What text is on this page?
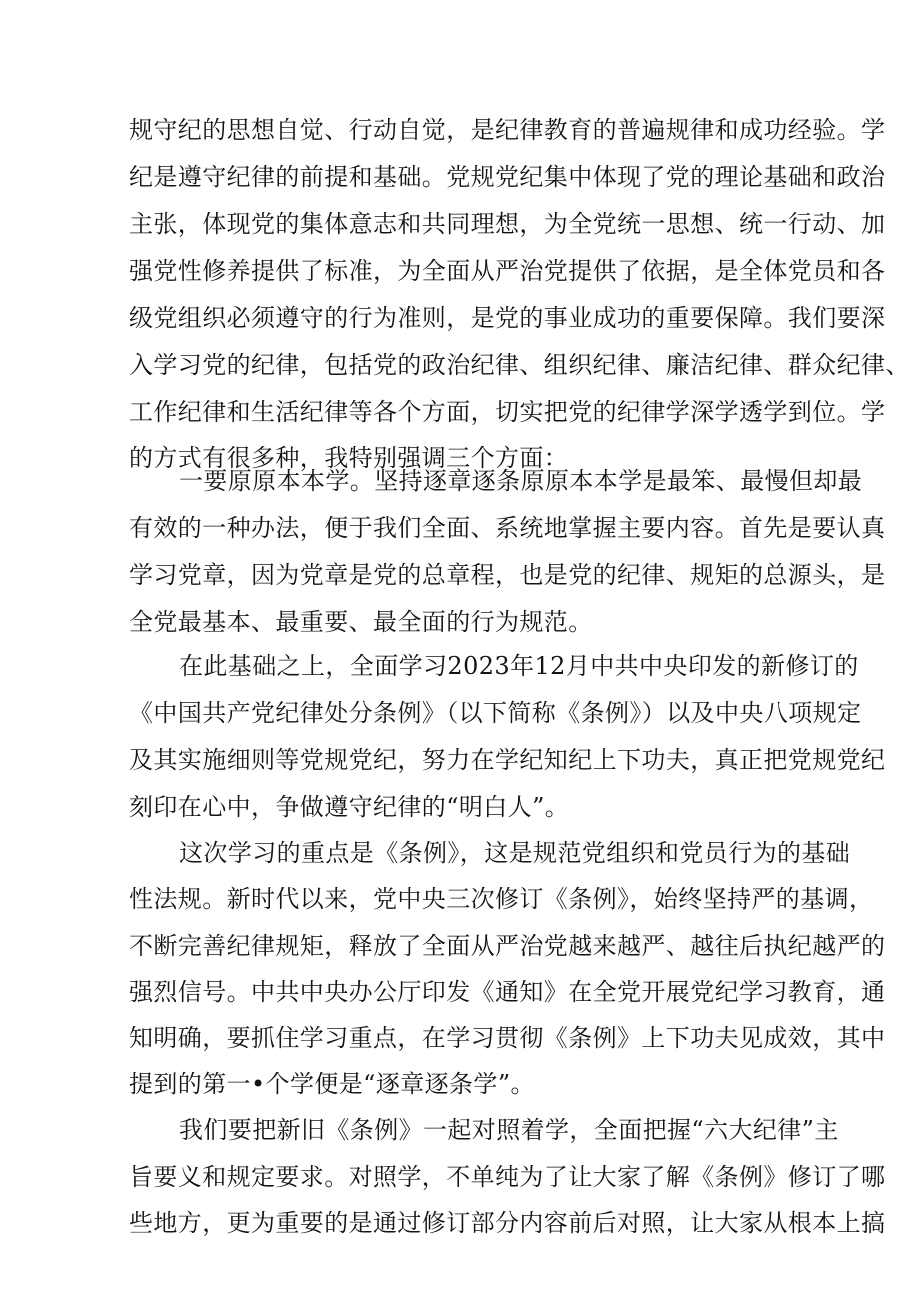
规守纪的思想自觉、行动自觉，是纪律教育的普遍规律和成功经验。学
纪是遵守纪律的前提和基础。党规党纪集中体现了党的理论基础和政治
主张，体现党的集体意志和共同理想，为全党统一思想、统一行动、加
强党性修养提供了标准，为全面从严治党提供了依据，是全体党员和各
级党组织必须遵守的行为准则，是党的事业成功的重要保障。我们要深
入学习党的纪律，包括党的政治纪律、组织纪律、廉洁纪律、群众纪律、
工作纪律和生活纪律等各个方面，切实把党的纪律学深学透学到位。学
的方式有很多种，我特别强调三个方面：
一要原原本本学。坚持逐章逐条原原本本学是最笨、最慢但却最
有效的一种办法，便于我们全面、系统地掌握主要内容。首先是要认真
学习党章，因为党章是党的总章程，也是党的纪律、规矩的总源头，是
全党最基本、最重要、最全面的行为规范。
在此基础之上，全面学习2023年12月中共中央印发的新修订的
《中国共产党纪律处分条例》（以下简称《条例》）以及中央八项规定
及其实施细则等党规党纪，努力在学纪知纪上下功夫，真正把党规党纪
刻印在心中，争做遵守纪律的“明白人”。
这次学习的重点是《条例》，这是规范党组织和党员行为的基础
性法规。新时代以来，党中央三次修订《条例》，始终坚持严的基调，
不断完善纪律规矩，释放了全面从严治党越来越严、越往后执纪越严的
强烈信号。中共中央办公厅印发《通知》在全党开展党纪学习教育，通
知明确，要抓住学习重点，在学习贯彻《条例》上下功夫见成效，其中
提到的第一•个学便是“逐章逐条学”。
我们要把新旧《条例》一起对照着学，全面把握“六大纪律”主
旨要义和规定要求。对照学，不单纯为了让大家了解《条例》修订了哪
些地方，更为重要的是通过修订部分内容前后对照，让大家从根本上搞
